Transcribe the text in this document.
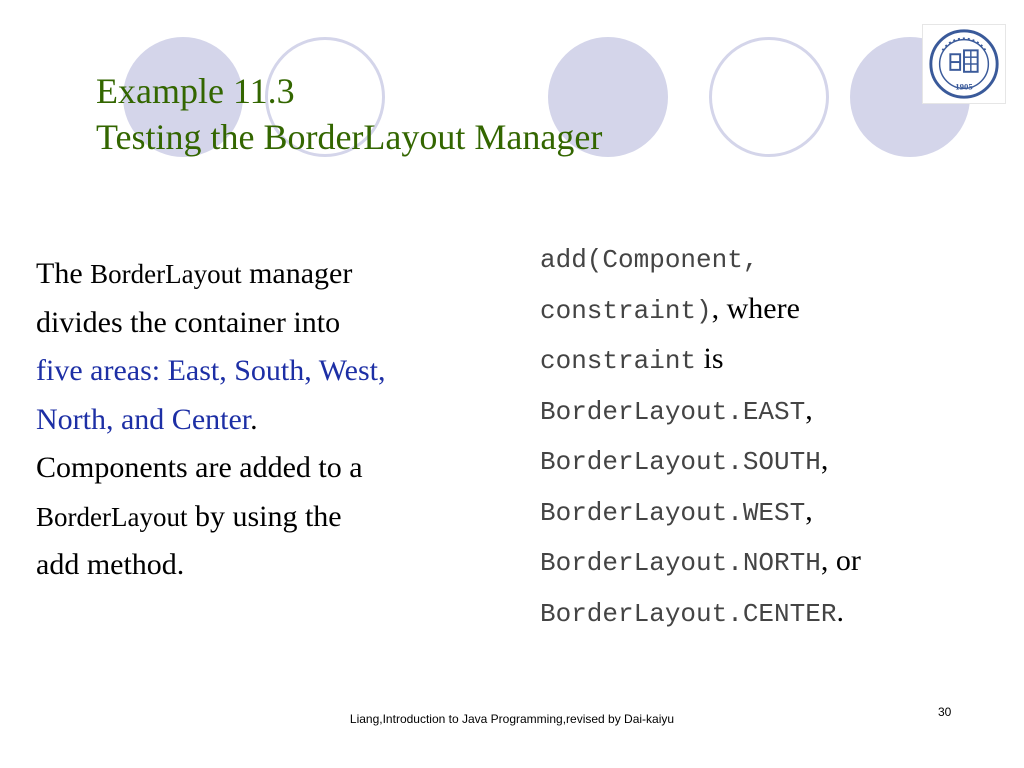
1905
Example 11.3
Testing the BorderLayout Manager
The BorderLayout manager
divides the container into
five areas: East, South, West,
North, and Center.
Components are added to a
BorderLayout by using the
add method.
add(Component,
constraint), where
constraint is
BorderLayout.EAST,
BorderLayout.SOUTH,
BorderLayout.WEST,
BorderLayout.NORTH, or
BorderLayout.CENTER.
Liang,Introduction to Java Programming,revised by Dai-kaiyu	30
